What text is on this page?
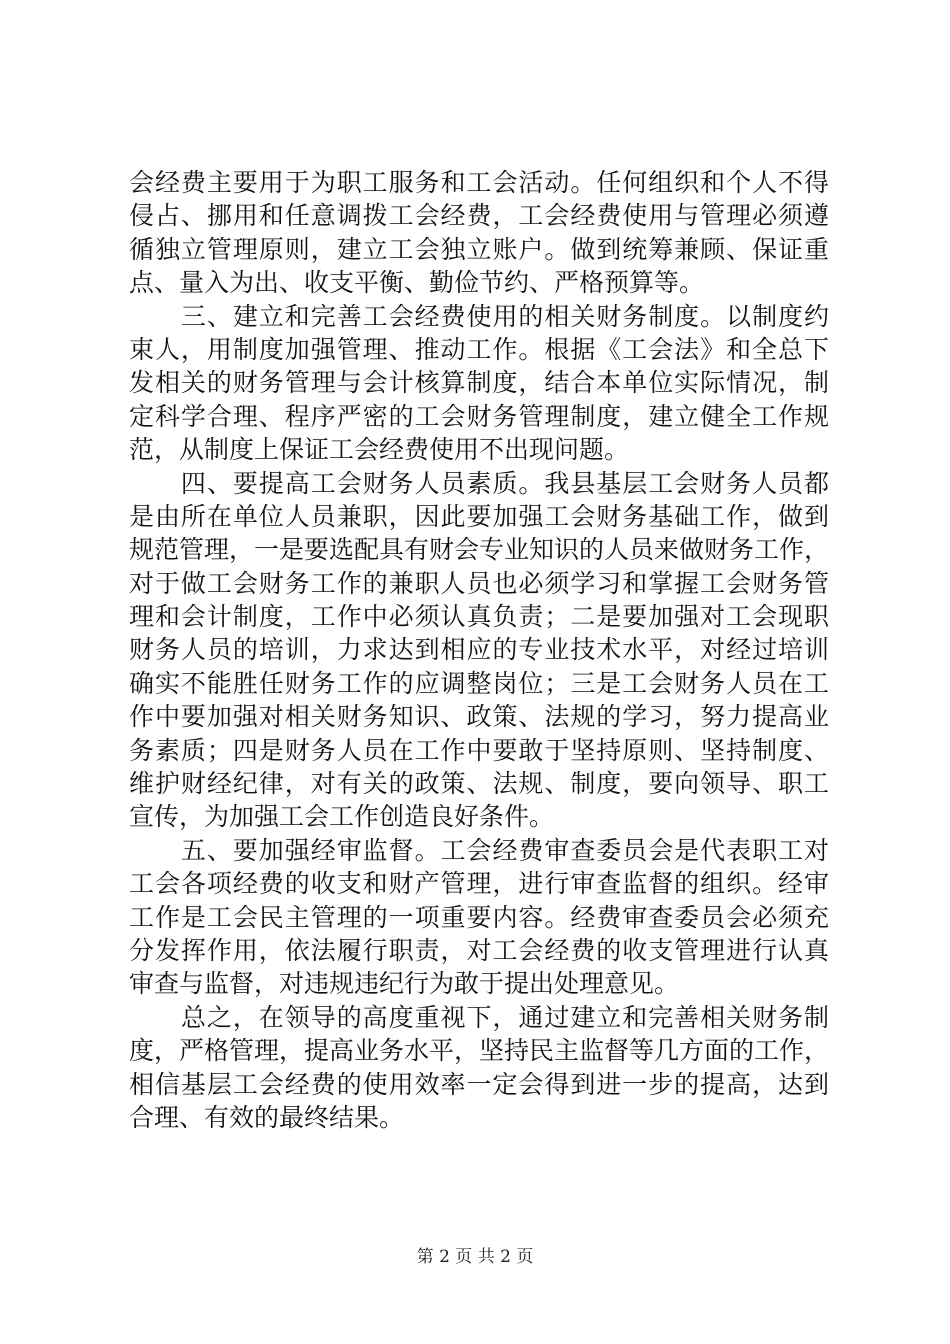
会经费主要用于为职工服务和工会活动。任何组织和个人不得
侵占、挪用和任意调拨工会经费，工会经费使用与管理必须遵
循独立管理原则，建立工会独立账户。做到统筹兼顾、保证重
点、量入为出、收支平衡、勤俭节约、严格预算等。
　　三、建立和完善工会经费使用的相关财务制度。以制度约
束人，用制度加强管理、推动工作。根据《工会法》和全总下
发相关的财务管理与会计核算制度，结合本单位实际情况，制
定科学合理、程序严密的工会财务管理制度，建立健全工作规
范，从制度上保证工会经费使用不出现问题。
　　四、要提高工会财务人员素质。我县基层工会财务人员都
是由所在单位人员兼职，因此要加强工会财务基础工作，做到
规范管理，一是要选配具有财会专业知识的人员来做财务工作，
对于做工会财务工作的兼职人员也必须学习和掌握工会财务管
理和会计制度，工作中必须认真负责；二是要加强对工会现职
财务人员的培训，力求达到相应的专业技术水平，对经过培训
确实不能胜任财务工作的应调整岗位；三是工会财务人员在工
作中要加强对相关财务知识、政策、法规的学习，努力提高业
务素质；四是财务人员在工作中要敢于坚持原则、坚持制度、
维护财经纪律，对有关的政策、法规、制度，要向领导、职工
宣传，为加强工会工作创造良好条件。
　　五、要加强经审监督。工会经费审查委员会是代表职工对
工会各项经费的收支和财产管理，进行审查监督的组织。经审
工作是工会民主管理的一项重要内容。经费审查委员会必须充
分发挥作用，依法履行职责，对工会经费的收支管理进行认真
审查与监督，对违规违纪行为敢于提出处理意见。
　　总之，在领导的高度重视下，通过建立和完善相关财务制
度，严格管理，提高业务水平，坚持民主监督等几方面的工作，
相信基层工会经费的使用效率一定会得到进一步的提高，达到
合理、有效的最终结果。
第 2 页 共 2 页
